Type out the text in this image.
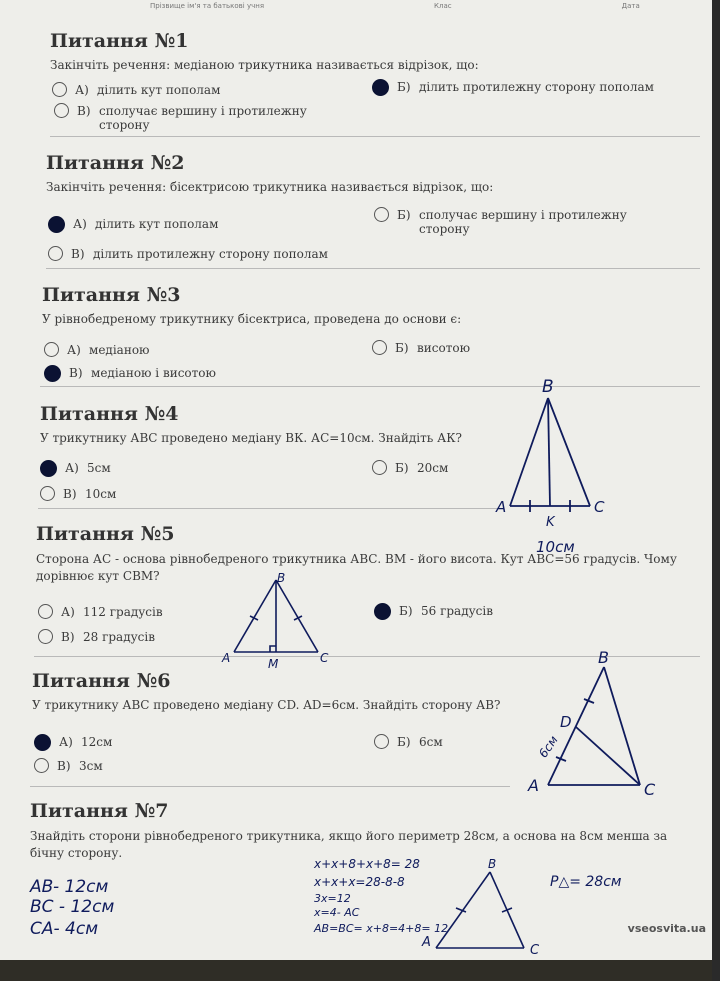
Прізвище ім'я та батькові учня	Клас	Дата
Питання №1
Закінчіть речення: медіаною трикутника називається відрізок, що:
А) ділить кут пополам	Б) ділить протилежну сторону пополам
В) сполучає вершину і протилежну сторону
Питання №2
Закінчіть речення: бісектрисою трикутника називається відрізок, що:
А) ділить кут пополам
Б) сполучає вершину і протилежну сторону
В) ділить протилежну сторону пополам
Питання №3
У рівнобедреному трикутнику бісектриса, проведена до основи є:
А) медіаною	Б) висотою
В) медіаною і висотою
Питання №4
У трикутнику АВС проведено медіану ВК. АС=10см. Знайдіть АК?
А) 5см	Б) 20см
В) 10см
B
A	C
K
10см
Питання №5
Сторона АС - основа рівнобедреного трикутника АВС. ВМ - його висота. Кут АВС=56 градусів. Чому дорівнює кут СВМ?
А) 112 градусів	Б) 56 градусів
В) 28 градусів
B
A	C
M
Питання №6
У трикутнику АВС проведено медіану CD. AD=6см. Знайдіть сторону АВ?
А) 12см	Б) 6см
В) 3см
B
D
6см
A	C
Питання №7
Знайдіть сторони рівнобедреного трикутника, якщо його периметр 28см, а основа на 8см менша за бічну сторону.
AB- 12см
BC - 12см
CA- 4см
x+x+8+x+8= 28
x+x+x=28-8-8
3x=12
x=4- AC
AB=BC= x+8=4+8= 12
P△= 28см
B
A
C
vseosvita.ua
